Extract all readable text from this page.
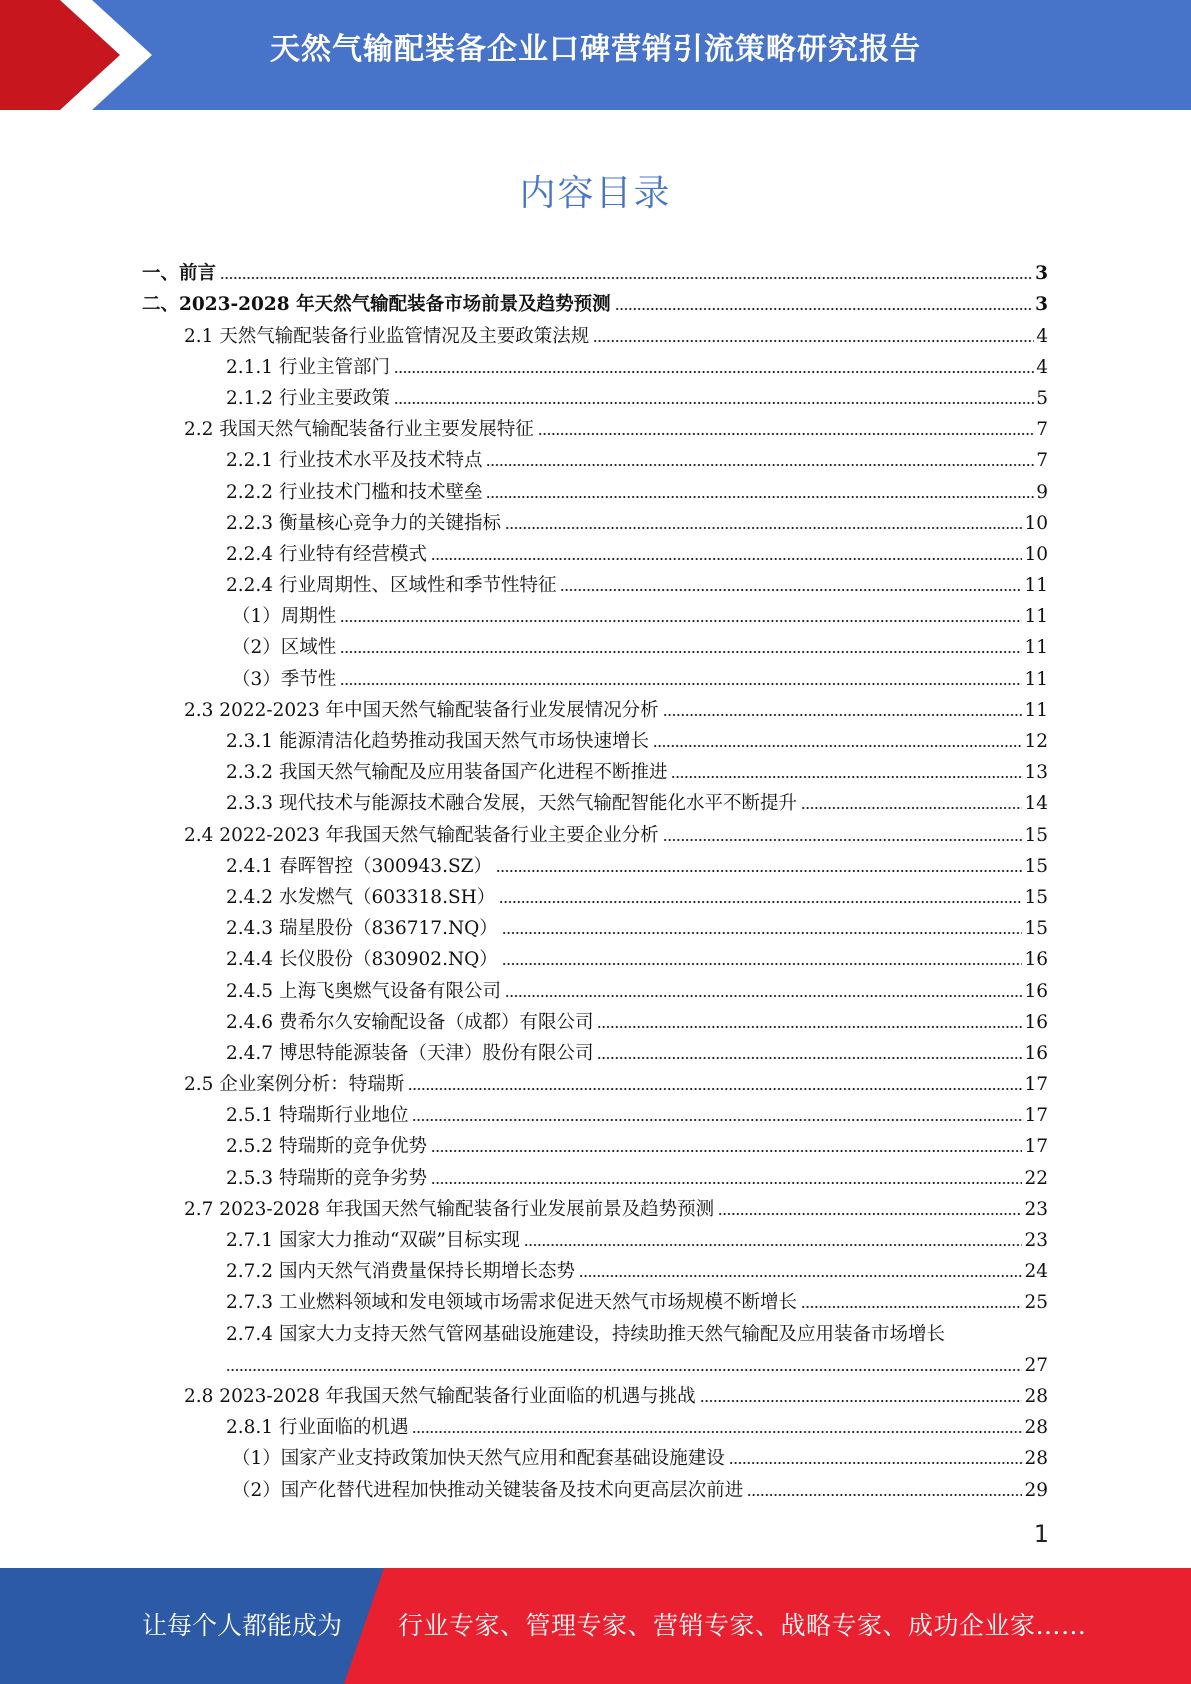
天然气输配装备企业口碑营销引流策略研究报告
内容目录
一、前言	3
二、2023-2028 年天然气输配装备市场前景及趋势预测	3
2.1 天然气输配装备行业监管情况及主要政策法规	4
2.1.1 行业主管部门	4
2.1.2 行业主要政策	5
2.2 我国天然气输配装备行业主要发展特征	7
2.2.1 行业技术水平及技术特点	7
2.2.2 行业技术门槛和技术壁垒	9
2.2.3 衡量核心竞争力的关键指标	10
2.2.4 行业特有经营模式	10
2.2.4 行业周期性、区域性和季节性特征	11
（1）周期性	11
（2）区域性	11
（3）季节性	11
2.3 2022-2023 年中国天然气输配装备行业发展情况分析	11
2.3.1 能源清洁化趋势推动我国天然气市场快速增长	12
2.3.2 我国天然气输配及应用装备国产化进程不断推进	13
2.3.3 现代技术与能源技术融合发展，天然气输配智能化水平不断提升	14
2.4 2022-2023 年我国天然气输配装备行业主要企业分析	15
2.4.1 春晖智控（300943.SZ）	15
2.4.2 水发燃气（603318.SH）	15
2.4.3 瑞星股份（836717.NQ）	15
2.4.4 长仪股份（830902.NQ）	16
2.4.5 上海飞奥燃气设备有限公司	16
2.4.6 费希尔久安输配设备（成都）有限公司	16
2.4.7 博思特能源装备（天津）股份有限公司	16
2.5 企业案例分析：特瑞斯	17
2.5.1 特瑞斯行业地位	17
2.5.2 特瑞斯的竞争优势	17
2.5.3 特瑞斯的竞争劣势	22
2.7 2023-2028 年我国天然气输配装备行业发展前景及趋势预测	23
2.7.1 国家大力推动“双碳”目标实现	23
2.7.2 国内天然气消费量保持长期增长态势	24
2.7.3 工业燃料领域和发电领域市场需求促进天然气市场规模不断增长	25
2.7.4 国家大力支持天然气管网基础设施建设，持续助推天然气输配及应用装备市场增长
27
2.8 2023-2028 年我国天然气输配装备行业面临的机遇与挑战	28
2.8.1 行业面临的机遇	28
（1）国家产业支持政策加快天然气应用和配套基础设施建设	28
（2）国产化替代进程加快推动关键装备及技术向更高层次前进	29
1
让每个人都能成为 行业专家、管理专家、营销专家、战略专家、成功企业家……
